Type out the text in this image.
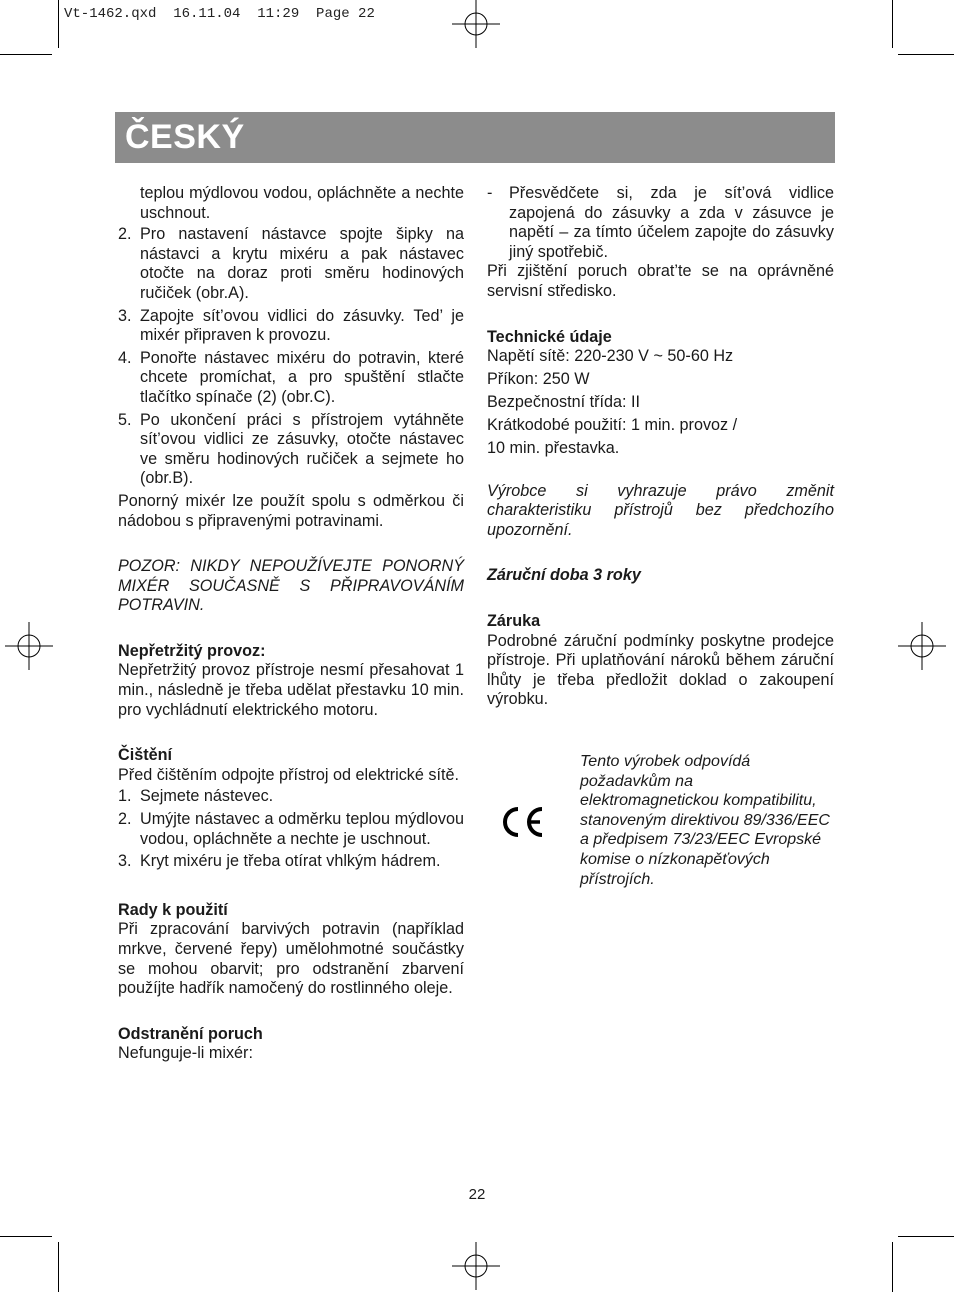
Vt-1462.qxd  16.11.04  11:29  Page 22
ČESKÝ

teplou mýdlovou vodou, opláchněte a nechte uschnout.

2. Pro nastavení nástavce spojte šipky na nástavci a krytu mixéru a pak nástavec otočte na doraz proti směru hodinových ručiček (obr.A).
3. Zapojte sít’ovou vidlici do zásuvky. Ted’ je mixér připraven k provozu.
4. Ponořte nástavec mixéru do potravin, které chcete promíchat, a pro spuštění stlačte tlačítko spínače (2) (obr.C).
5. Po ukončení práci s přístrojem vytáhněte sít’ovou vidlici ze zásuvky, otočte nástavec ve směru hodinových ručiček a sejmete ho (obr.B).

Ponorný mixér lze použít spolu s odměrkou či nádobou s připravenými potravinami.

POZOR: NIKDY NEPOUŽÍVEJTE PONORNÝ MIXÉR SOUČASNĚ S PŘIPRAVOVÁNÍM POTRAVIN.

Nepřetržitý provoz:

Nepřetržitý provoz přístroje nesmí přesahovat 1 min., následně je třeba udělat přestavku 10 min. pro vychládnutí elektrického motoru.

Čištění

Před čištěním odpojte přístroj od elektrické sítě.

1. Sejmete nástevec.
2. Umýjte nástavec a odměrku teplou mýdlovou vodou, opláchněte a nechte je uschnout.
3. Kryt mixéru je třeba otírat vhlkým hádrem.

Rady k použití

Při zpracování barvivých potravin (například mrkve, červené řepy) umělohmotné součástky se mohou obarvit; pro odstranění zbarvení použíjte hadřík namočený do rostlinného oleje.

Odstranění poruch

Nefunguje-li mixér:

-	Přesvědčete si, zda je sít’ová vidlice zapojená do zásuvky a zda v zásuvce je napětí – za tímto účelem zapojte do zásuvky jiný spotřebič.

Při zjištění poruch obrat’te se na oprávněné servisní středisko.

Technické údaje

Napětí sítě: 220-230 V ~ 50-60 Hz

Příkon: 250 W

Bezpečnostní třída: II

Krátkodobé použití: 1 min. provoz /

10 min. přestavka.

Výrobce si vyhrazuje právo změnit charakteristiku přístrojů bez předchozího upozornění.

Záruční doba 3 roky

Záruka

Podrobné záruční podmínky poskytne prodejce přístroje. Při uplatňování nároků během záruční lhůty je třeba předložit doklad o zakoupení výrobku.

Tento výrobek odpovídá požadavkům na elektromagnetickou kompatibilitu, stanoveným direktivou 89/336/EEC a předpisem 73/23/EEC Evropské komise o nízkonapěťových přístrojích.
22
